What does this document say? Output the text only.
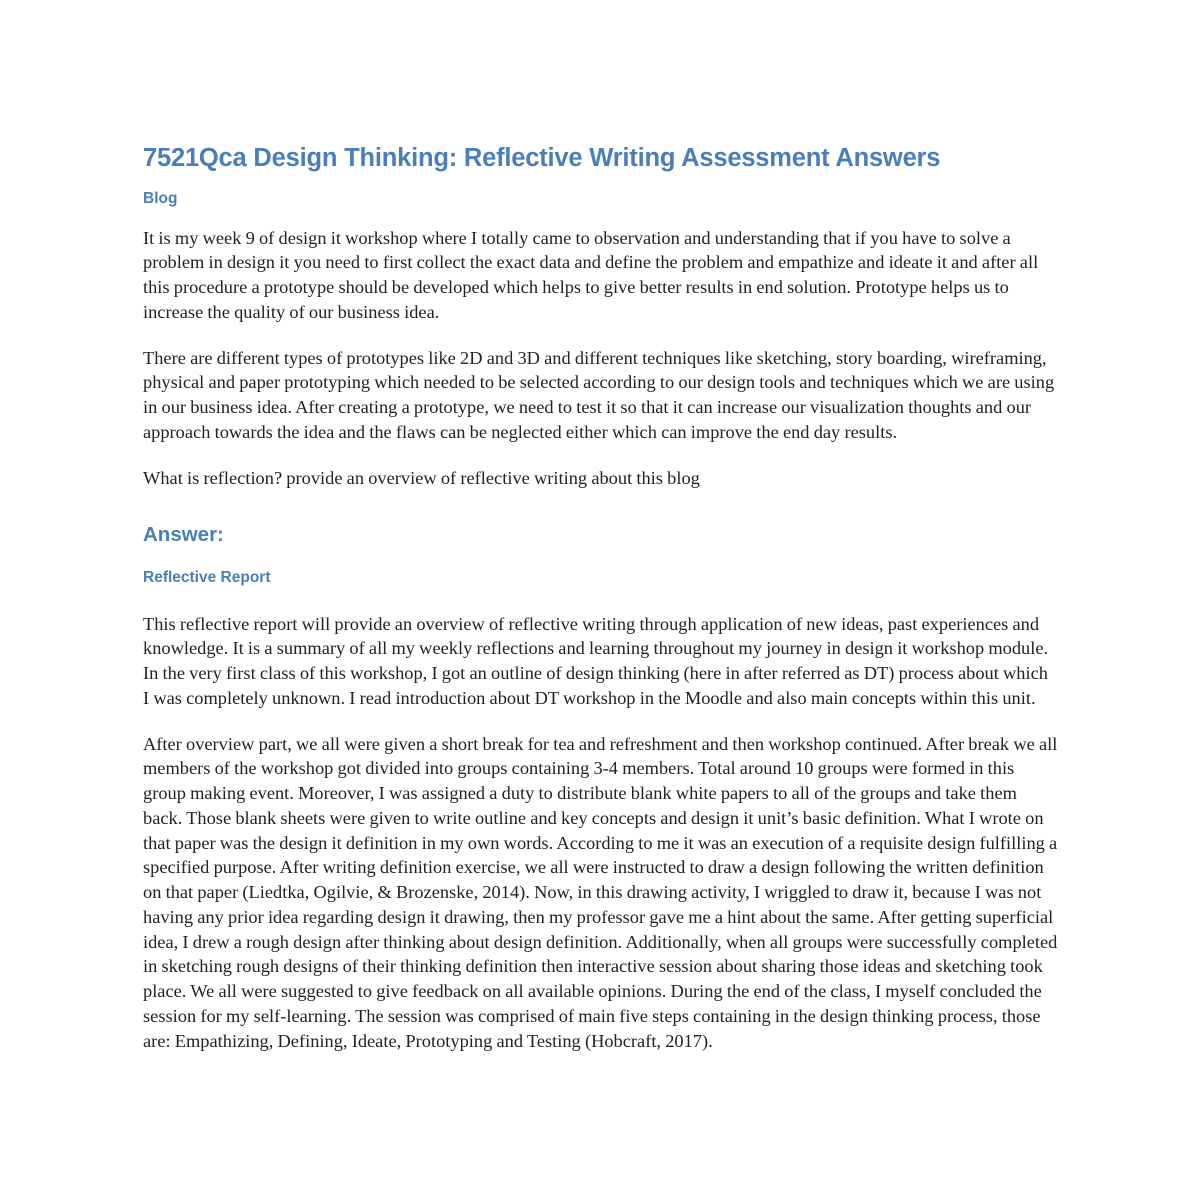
7521Qca Design Thinking: Reflective Writing Assessment Answers
Blog

It is my week 9 of design it workshop where I totally came to observation and understanding that if you have to solve a problem in design it you need to first collect the exact data and define the problem and empathize and ideate it and after all this procedure a prototype should be developed which helps to give better results in end solution. Prototype helps us to increase the quality of our business idea.

There are different types of prototypes like 2D and 3D and different techniques like sketching, story boarding, wireframing, physical and paper prototyping which needed to be selected according to our design tools and techniques which we are using in our business idea. After creating a prototype, we need to test it so that it can increase our visualization thoughts and our approach towards the idea and the flaws can be neglected either which can improve the end day results.

What is reflection? provide an overview of reflective writing about this blog

Answer:
Reflective Report

This reflective report will provide an overview of reflective writing through application of new ideas, past experiences and knowledge. It is a summary of all my weekly reflections and learning throughout my journey in design it workshop module. In the very first class of this workshop, I got an outline of design thinking (here in after referred as DT) process about which I was completely unknown. I read introduction about DT workshop in the Moodle and also main concepts within this unit.

After overview part, we all were given a short break for tea and refreshment and then workshop continued. After break we all members of the workshop got divided into groups containing 3-4 members. Total around 10 groups were formed in this group making event. Moreover, I was assigned a duty to distribute blank white papers to all of the groups and take them back. Those blank sheets were given to write outline and key concepts and design it unit’s basic definition. What I wrote on that paper was the design it definition in my own words. According to me it was an execution of a requisite design fulfilling a specified purpose. After writing definition exercise, we all were instructed to draw a design following the written definition on that paper (Liedtka, Ogilvie, & Brozenske, 2014). Now, in this drawing activity, I wriggled to draw it, because I was not having any prior idea regarding design it drawing, then my professor gave me a hint about the same. After getting superficial idea, I drew a rough design after thinking about design definition. Additionally, when all groups were successfully completed in sketching rough designs of their thinking definition then interactive session about sharing those ideas and sketching took place. We all were suggested to give feedback on all available opinions. During the end of the class, I myself concluded the session for my self-learning. The session was comprised of main five steps containing in the design thinking process, those are: Empathizing, Defining, Ideate, Prototyping and Testing (Hobcraft, 2017).
